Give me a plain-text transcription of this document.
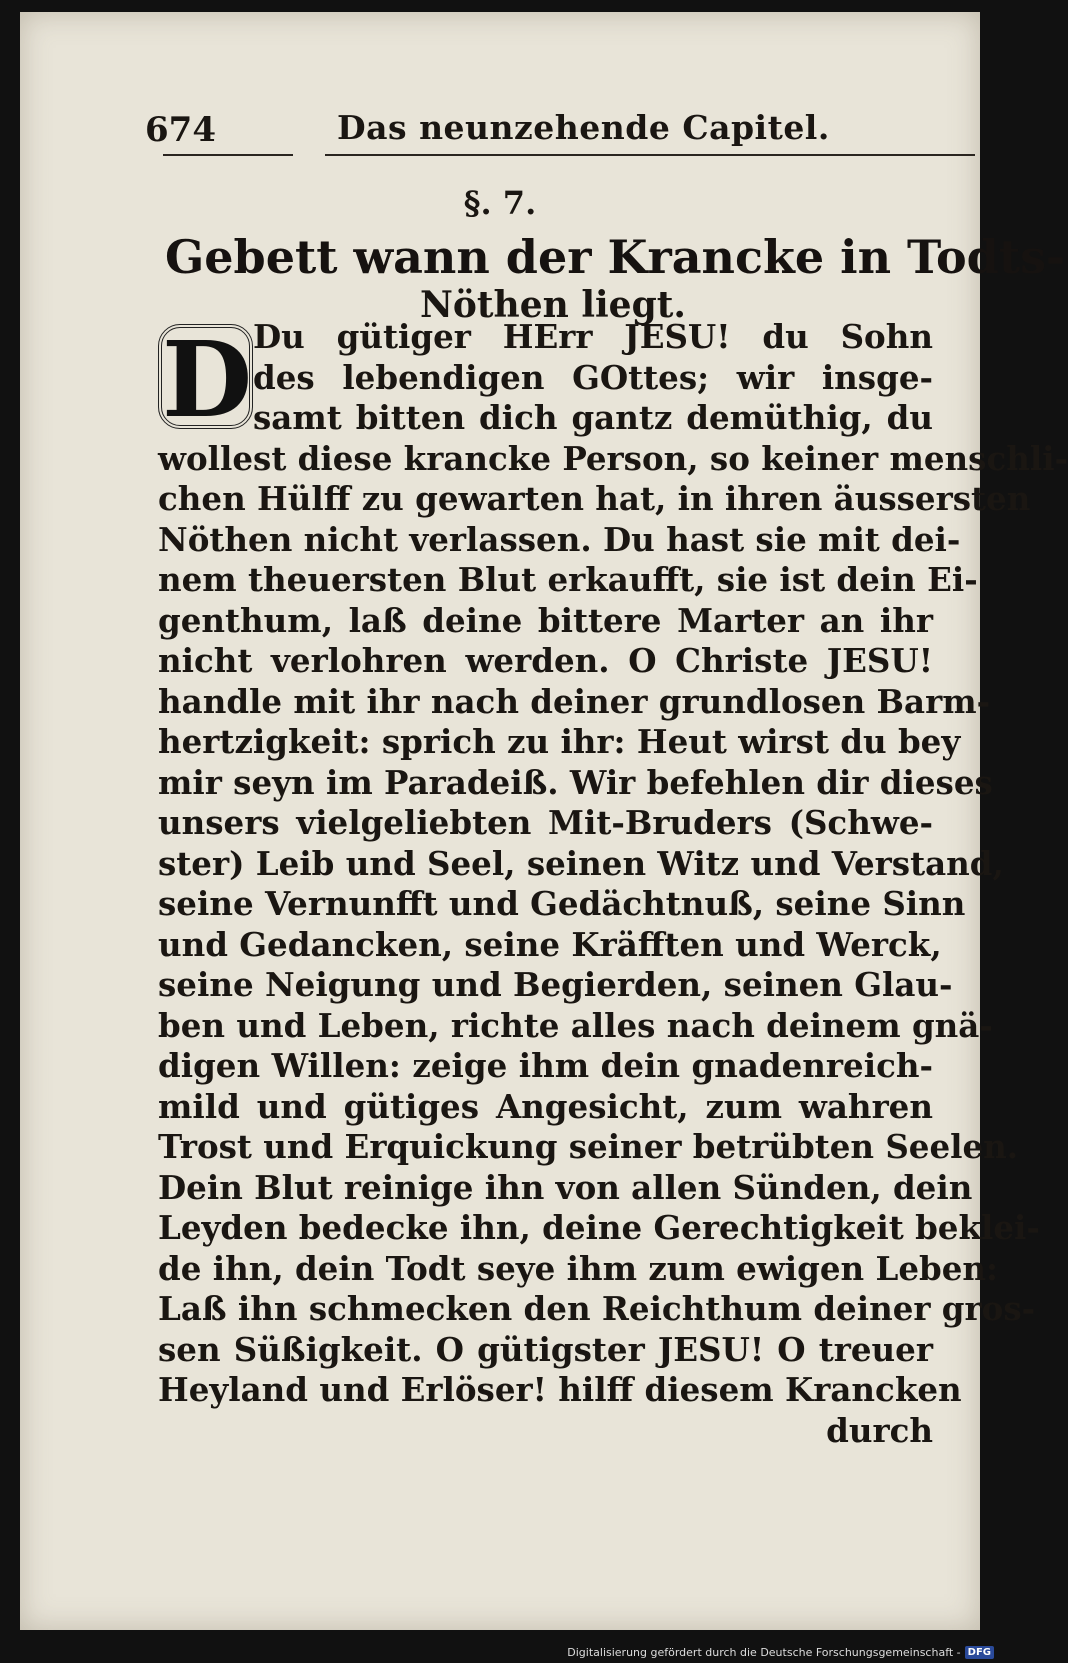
674	Das neunzehende Capitel.
§. 7.
Gebett wann der Krancke in Todts-
Nöthen liegt.
D Du gütiger HErr JESU! du Sohn
des lebendigen GOttes; wir insge-
samt bitten dich gantz demüthig, du
wollest diese krancke Person, so keiner menschli-
chen Hülff zu gewarten hat, in ihren äussersten
Nöthen nicht verlassen. Du hast sie mit dei-
nem theuersten Blut erkaufft, sie ist dein Ei-
genthum, laß deine bittere Marter an ihr
nicht verlohren werden. O Christe JESU!
handle mit ihr nach deiner grundlosen Barm-
hertzigkeit: sprich zu ihr: Heut wirst du bey
mir seyn im Paradeiß. Wir befehlen dir dieses
unsers vielgeliebten Mit-Bruders (Schwe-
ster) Leib und Seel, seinen Witz und Verstand,
seine Vernunfft und Gedächtnuß, seine Sinn
und Gedancken, seine Kräfften und Werck,
seine Neigung und Begierden, seinen Glau-
ben und Leben, richte alles nach deinem gnä-
digen Willen: zeige ihm dein gnadenreich-
mild und gütiges Angesicht, zum wahren
Trost und Erquickung seiner betrübten Seelen.
Dein Blut reinige ihn von allen Sünden, dein
Leyden bedecke ihn, deine Gerechtigkeit beklei-
de ihn, dein Todt seye ihm zum ewigen Leben:
Laß ihn schmecken den Reichthum deiner gros-
sen Süßigkeit. O gütigster JESU! O treuer
Heyland und Erlöser! hilff diesem Krancken
durch
Digitalisierung gefördert durch die Deutsche Forschungsgemeinschaft - DFG
